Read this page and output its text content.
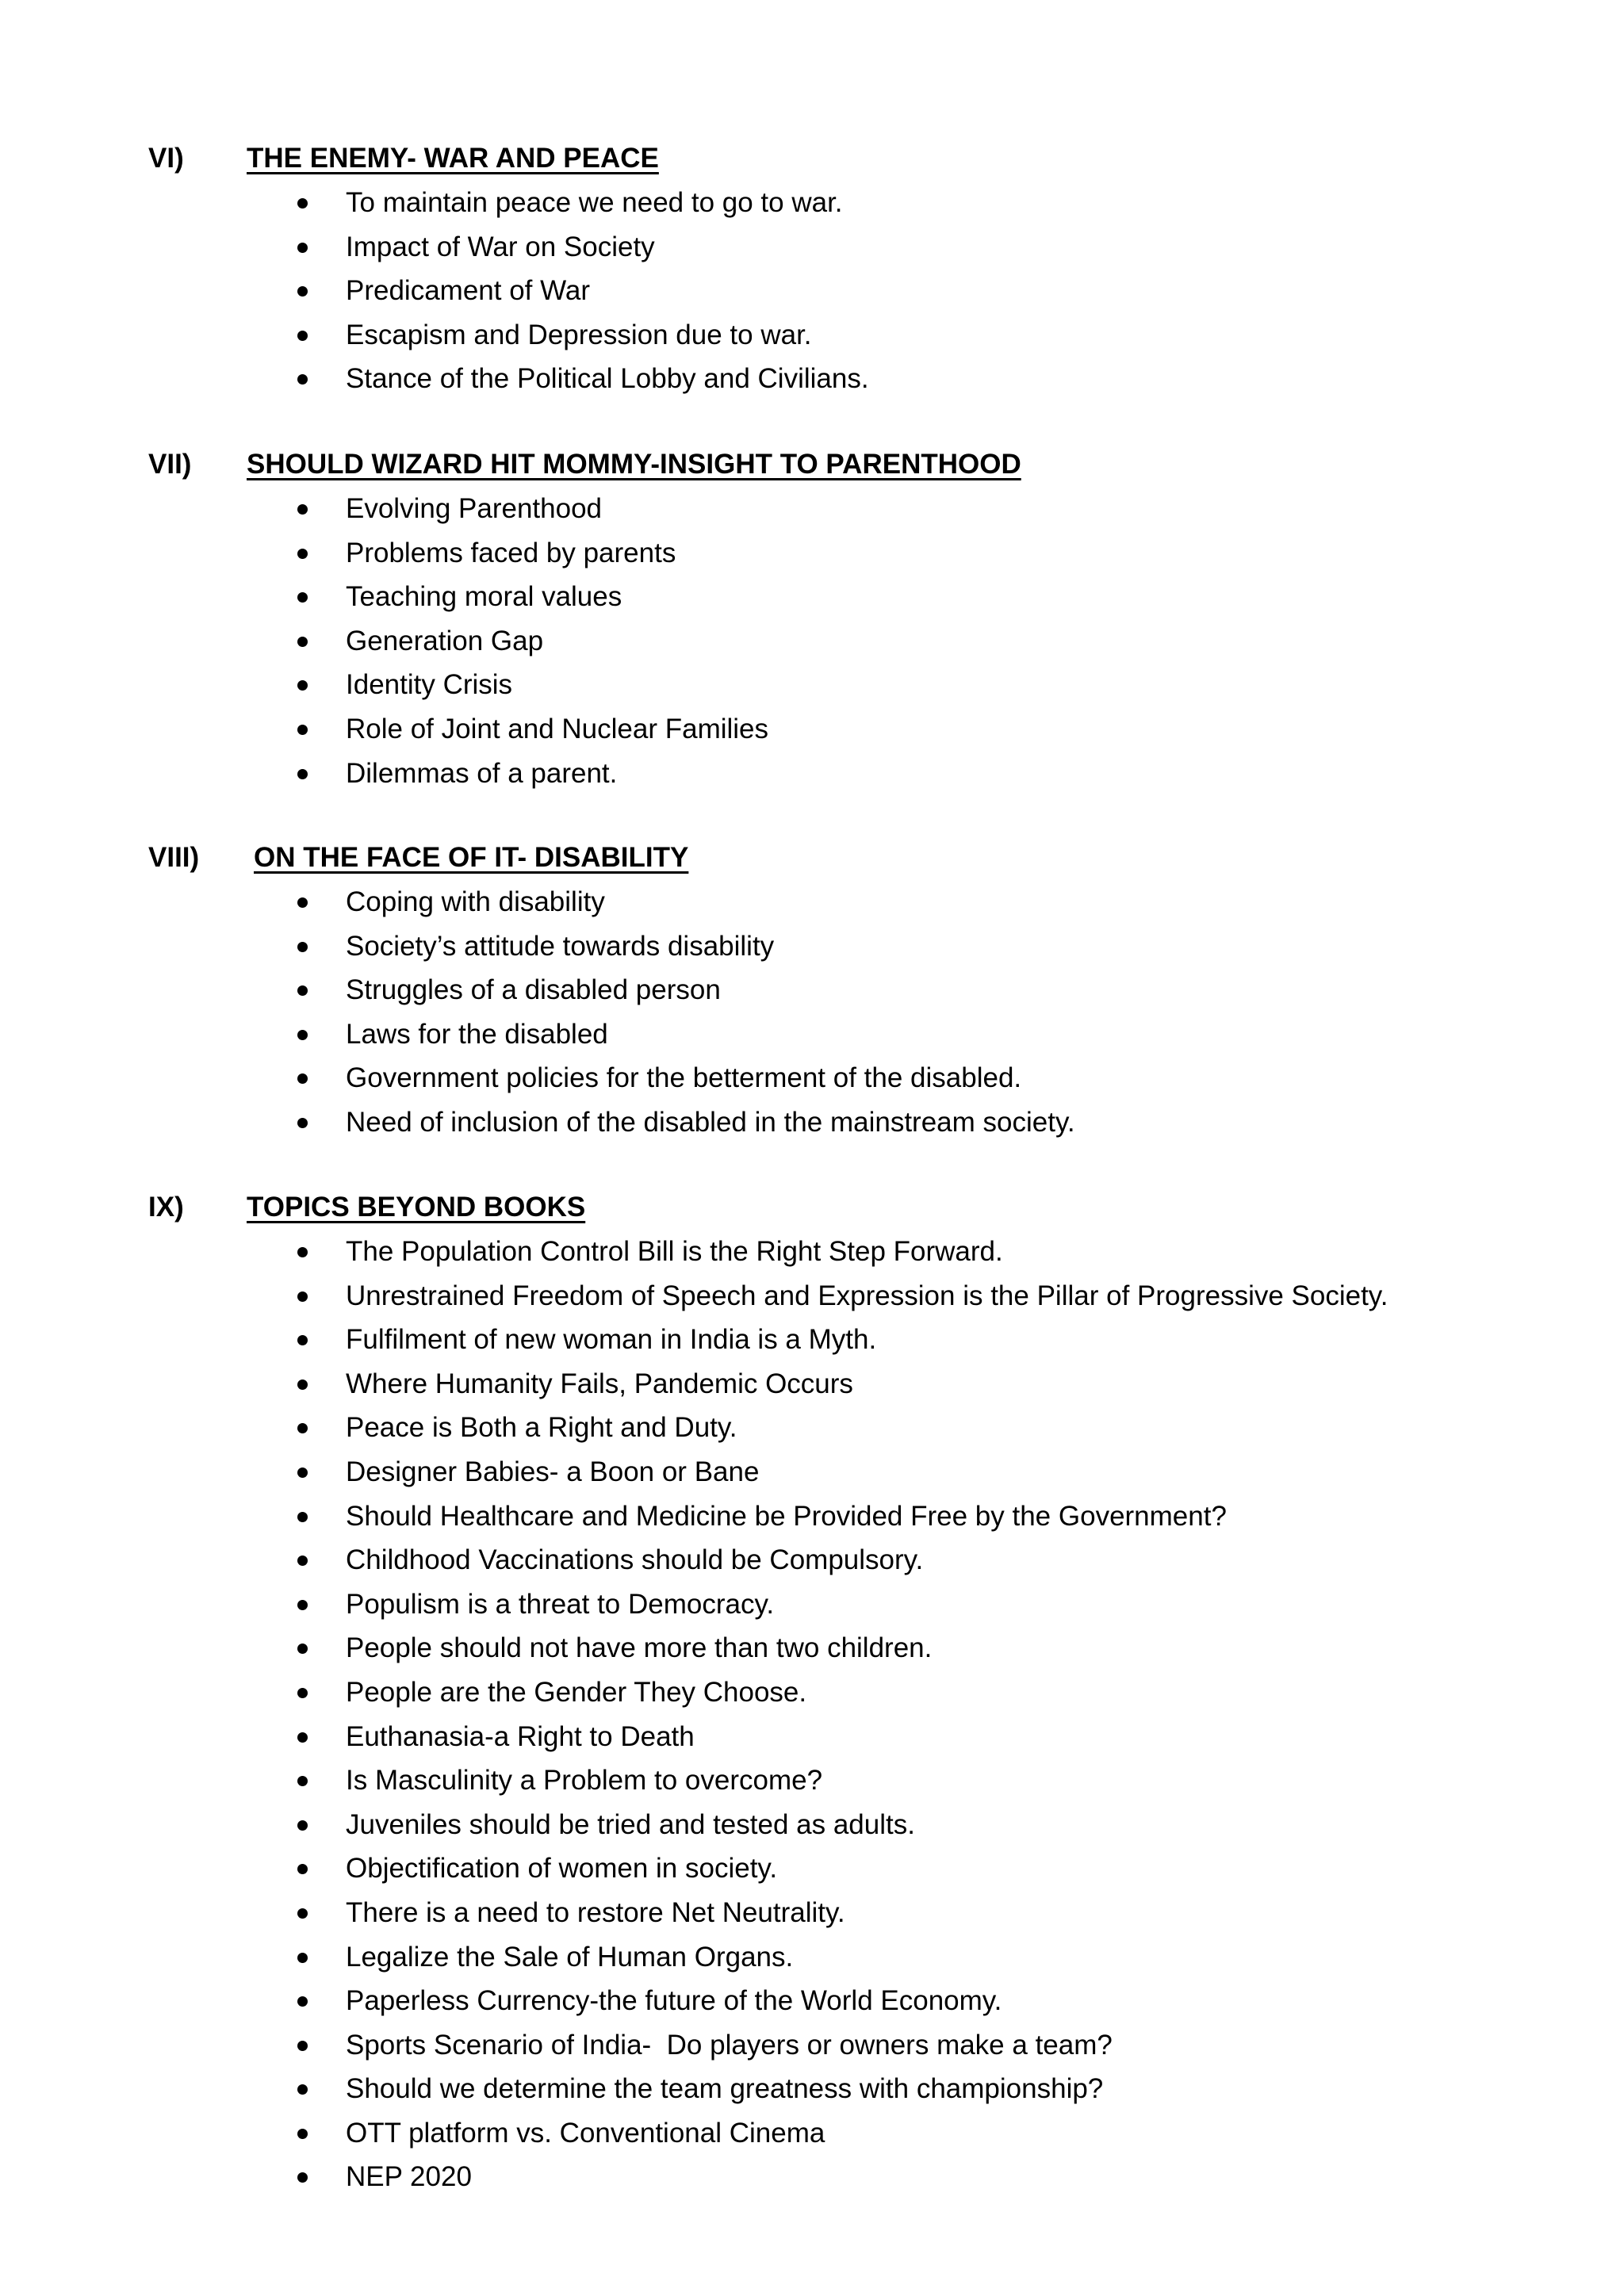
VI) THE ENEMY- WAR AND PEACE
To maintain peace we need to go to war.
Impact of War on Society
Predicament of War
Escapism and Depression due to war.
Stance of the Political Lobby and Civilians.
VII) SHOULD WIZARD HIT MOMMY-INSIGHT TO PARENTHOOD
Evolving Parenthood
Problems faced by parents
Teaching moral values
Generation Gap
Identity Crisis
Role of Joint and Nuclear Families
Dilemmas of a parent.
VIII) ON THE FACE OF IT- DISABILITY
Coping with disability
Society’s attitude towards disability
Struggles of a disabled person
Laws for the disabled
Government policies for the betterment of the disabled.
Need of inclusion of the disabled in the mainstream society.
IX) TOPICS BEYOND BOOKS
The Population Control Bill is the Right Step Forward.
Unrestrained Freedom of Speech and Expression is the Pillar of Progressive Society.
Fulfilment of new woman in India is a Myth.
Where Humanity Fails, Pandemic Occurs
Peace is Both a Right and Duty.
Designer Babies- a Boon or Bane
Should Healthcare and Medicine be Provided Free by the Government?
Childhood Vaccinations should be Compulsory.
Populism is a threat to Democracy.
People should not have more than two children.
People are the Gender They Choose.
Euthanasia-a Right to Death
Is Masculinity a Problem to overcome?
Juveniles should be tried and tested as adults.
Objectification of women in society.
There is a need to restore Net Neutrality.
Legalize the Sale of Human Organs.
Paperless Currency-the future of the World Economy.
Sports Scenario of India-  Do players or owners make a team?
Should we determine the team greatness with championship?
OTT platform vs. Conventional Cinema
NEP 2020
